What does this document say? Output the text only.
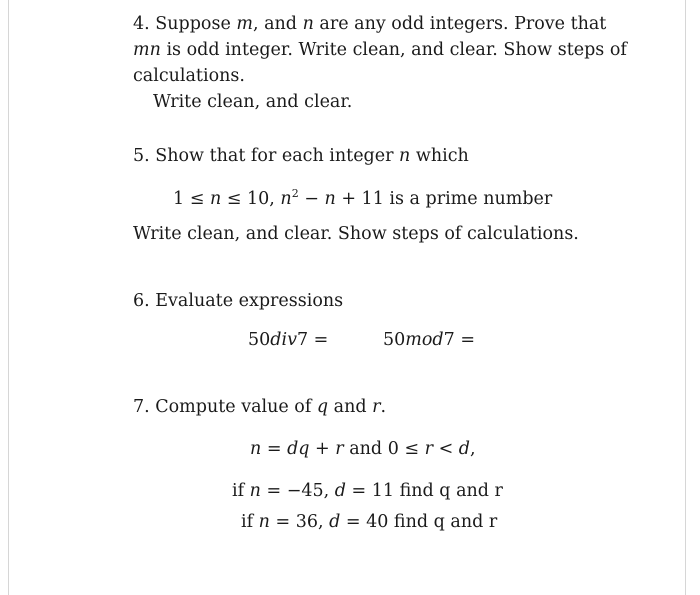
4. Suppose m, and n are any odd integers. Prove that
mn is odd integer. Write clean, and clear. Show steps of
calculations.
Write clean, and clear.
5. Show that for each integer n which
1 ≤ n ≤ 10, $n^2 - n + 11$ is a prime number
Write clean, and clear. Show steps of calculations.
6. Evaluate expressions
50div7 =	50mod7 =
7. Compute value of q and r.
n = dq + r and 0 ≤ r < d,
if n = −45, d = 11 find q and r
if n = 36, d = 40 find q and r
